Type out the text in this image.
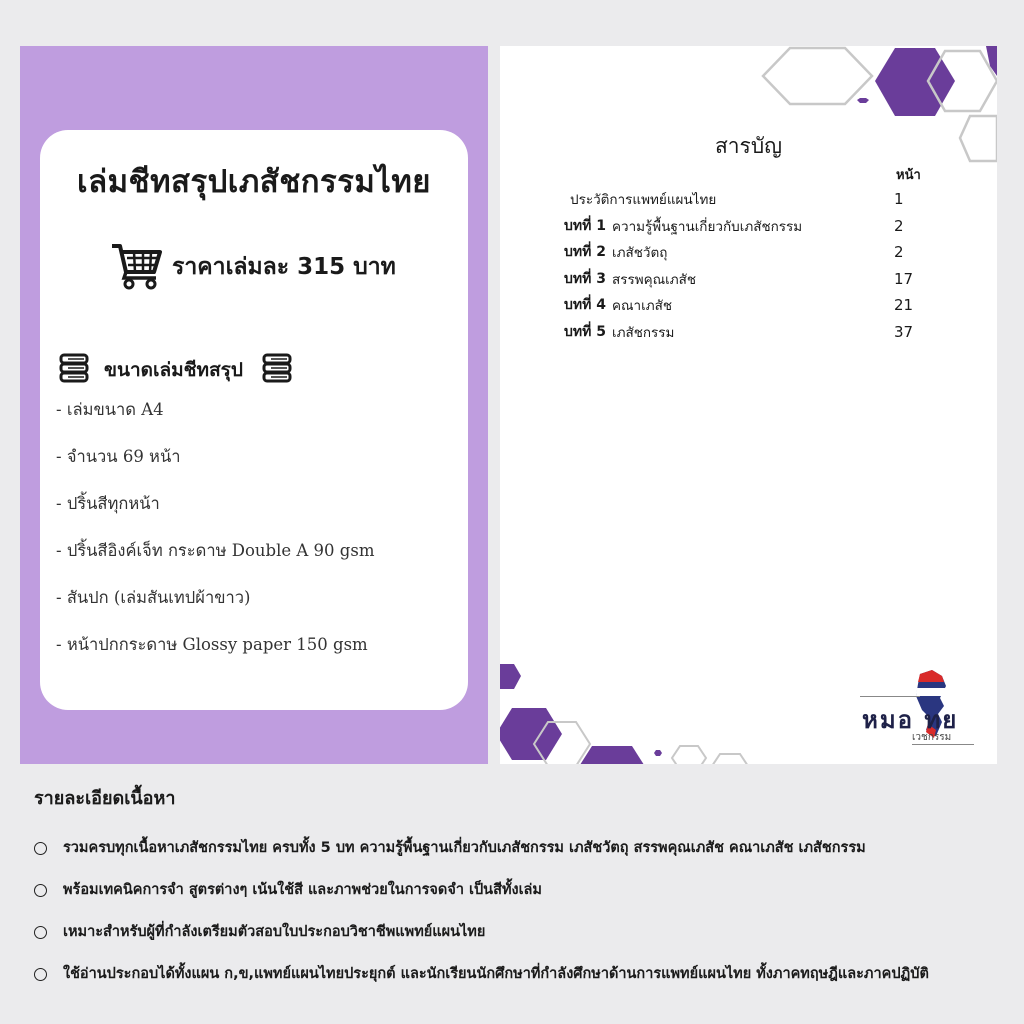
เล่มชีทสรุปเภสัชกรรมไทย
ราคาเล่มละ 315 บาท
ขนาดเล่มชีทสรุป
- เล่มขนาด A4
- จำนวน 69 หน้า
- ปริ้นสีทุกหน้า
- ปริ้นสีอิงค์เจ็ท กระดาษ Double A 90 gsm
- สันปก (เล่มสันเทปผ้าขาว)
- หน้าปกกระดาษ Glossy paper 150 gsm
สารบัญ
หน้า
ประวัติการแพทย์แผนไทย	1
บทที่ 1 ความรู้พื้นฐานเกี่ยวกับเภสัชกรรม	2
บทที่ 2 เภสัชวัตถุ	2
บทที่ 3 สรรพคุณเภสัช	17
บทที่ 4 คณาเภสัช	21
บทที่ 5 เภสัชกรรม	37
หมอ ทย
เวชกรรม
รายละเอียดเนื้อหา
รวมครบทุกเนื้อหาเภสัชกรรมไทย ครบทั้ง 5 บท ความรู้พื้นฐานเกี่ยวกับเภสัชกรรม เภสัชวัตถุ สรรพคุณเภสัช คณาเภสัช เภสัชกรรม
พร้อมเทคนิคการจำ สูตรต่างๆ เน้นใช้สี และภาพช่วยในการจดจำ เป็นสีทั้งเล่ม
เหมาะสำหรับผู้ที่กำลังเตรียมตัวสอบใบประกอบวิชาชีพแพทย์แผนไทย
ใช้อ่านประกอบได้ทั้งแผน ก,ข,แพทย์แผนไทยประยุกต์ และนักเรียนนักศึกษาที่กำลังศึกษาด้านการแพทย์แผนไทย ทั้งภาคทฤษฎีและภาคปฏิบัติ
